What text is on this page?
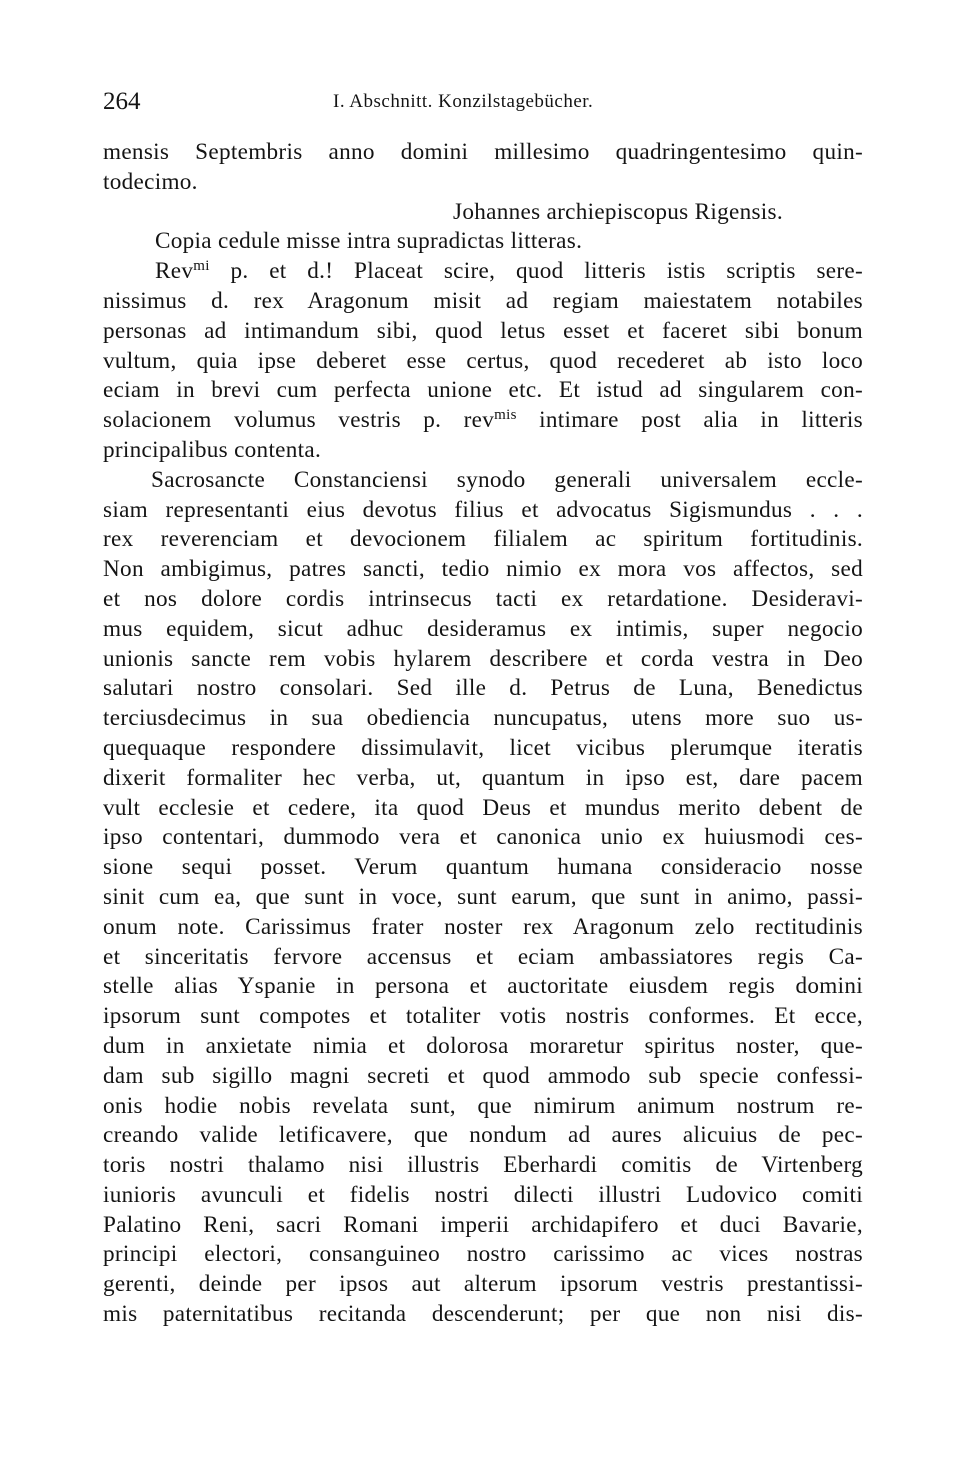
264	I. Abschnitt. Konzilstagebücher.
mensis Septembris anno domini millesimo quadringentesimo quin-
todecimo.
Johannes archiepiscopus Rigensis.
Copia cedule misse intra supradictas litteras.
Rev$^{mi}$ p. et d.! Placeat scire, quod litteris istis scriptis sere-
nissimus d. rex Aragonum misit ad regiam maiestatem notabiles
personas ad intimandum sibi, quod letus esset et faceret sibi bonum
vultum, quia ipse deberet esse certus, quod recederet ab isto loco
eciam in brevi cum perfecta unione etc. Et istud ad singularem con-
solacionem volumus vestris p. rev$^{mis}$ intimare post alia in litteris
principalibus contenta.
Sacrosancte Constanciensi synodo generali universalem eccle-
siam representanti eius devotus filius et advocatus Sigismundus . . .
rex reverenciam et devocionem filialem ac spiritum fortitudinis.
Non ambigimus, patres sancti, tedio nimio ex mora vos affectos, sed
et nos dolore cordis intrinsecus tacti ex retardatione. Desideravi-
mus equidem, sicut adhuc desideramus ex intimis, super negocio
unionis sancte rem vobis hylarem describere et corda vestra in Deo
salutari nostro consolari. Sed ille d. Petrus de Luna, Benedictus
terciusdecimus in sua obediencia nuncupatus, utens more suo us-
quequaque respondere dissimulavit, licet vicibus plerumque iteratis
dixerit formaliter hec verba, ut, quantum in ipso est, dare pacem
vult ecclesie et cedere, ita quod Deus et mundus merito debent de
ipso contentari, dummodo vera et canonica unio ex huiusmodi ces-
sione sequi posset. Verum quantum humana consideracio nosse
sinit cum ea, que sunt in voce, sunt earum, que sunt in animo, passi-
onum note. Carissimus frater noster rex Aragonum zelo rectitudinis
et sinceritatis fervore accensus et eciam ambassiatores regis Ca-
stelle alias Yspanie in persona et auctoritate eiusdem regis domini
ipsorum sunt compotes et totaliter votis nostris conformes. Et ecce,
dum in anxietate nimia et dolorosa moraretur spiritus noster, que-
dam sub sigillo magni secreti et quod ammodo sub specie confessi-
onis hodie nobis revelata sunt, que nimirum animum nostrum re-
creando valide letificavere, que nondum ad aures alicuius de pec-
toris nostri thalamo nisi illustris Eberhardi comitis de Virtenberg
iunioris avunculi et fidelis nostri dilecti illustri Ludovico comiti
Palatino Reni, sacri Romani imperii archidapifero et duci Bavarie,
principi electori, consanguineo nostro carissimo ac vices nostras
gerenti, deinde per ipsos aut alterum ipsorum vestris prestantissi-
mis paternitatibus recitanda descenderunt; per que non nisi dis-
